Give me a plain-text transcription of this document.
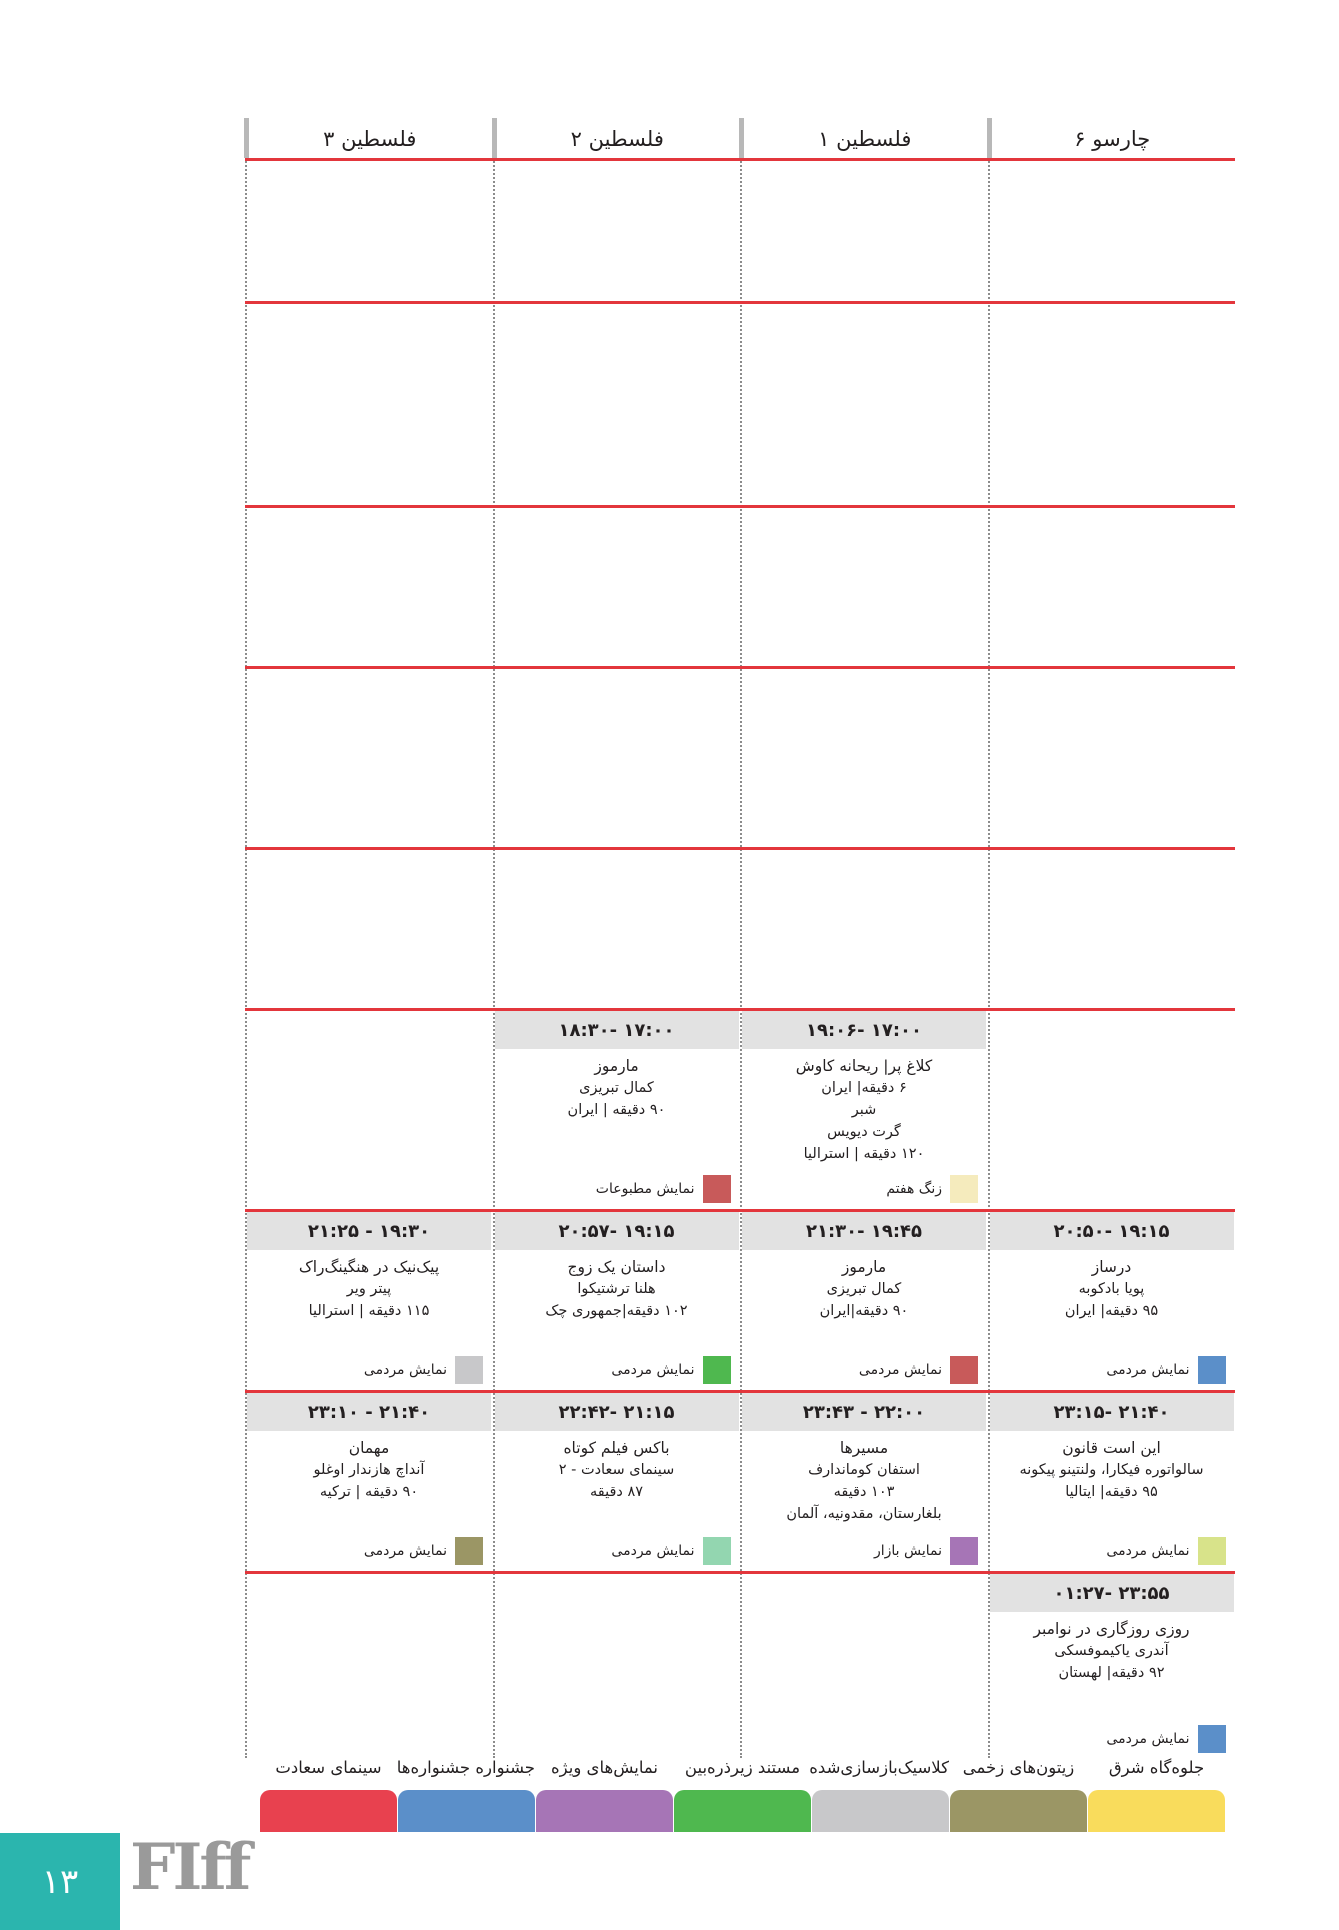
چارسو ۶
فلسطین ۱
فلسطین ۲
فلسطین ۳
۱۷:۰۰ -۱۸:۳۰
مارموز
کمال تبریزی
۹۰ دقیقه | ایران
نمایش مطبوعات
۱۷:۰۰ -۱۹:۰۶
کلاغ پر| ریحانه کاوش
۶ دقیقه| ایران
شبر
گرت دیویس
۱۲۰ دقیقه | استرالیا
زنگ هفتم
۱۹:۱۵ -۲۰:۵۰
درساز
پویا بادکوبه
۹۵ دقیقه| ایران
نمایش مردمی
۱۹:۴۵ -۲۱:۳۰
مارموز
کمال تبریزی
۹۰ دقیقه|ایران
نمایش مردمی
۱۹:۱۵ -۲۰:۵۷
داستان یک زوج
هلنا ترشتیکوا
۱۰۲ دقیقه|جمهوری چک
نمایش مردمی
۱۹:۳۰ - ۲۱:۲۵
پیک‌نیک در هنگینگ‌راک
پیتر ویر
۱۱۵ دقیقه | استرالیا
نمایش مردمی
۲۱:۴۰ -۲۳:۱۵
این است قانون
سالواتوره فیکارا، ولنتینو پیکونه
۹۵ دقیقه| ایتالیا
نمایش مردمی
۲۲:۰۰ - ۲۳:۴۳
مسیرها
استفان کوماندارف
۱۰۳ دقیقه
بلغارستان، مقدونیه، آلمان
نمایش بازار
۲۱:۱۵ -۲۲:۴۲
باکس فیلم کوتاه
سینمای سعادت - ۲
۸۷ دقیقه
نمایش مردمی
۲۱:۴۰ - ۲۳:۱۰
مهمان
آنداچ هازندار اوغلو
۹۰ دقیقه | ترکیه
نمایش مردمی
۲۳:۵۵ -۰۱:۲۷
روزی روزگاری در نوامبر
آندری یاکیموفسکی
۹۲ دقیقه| لهستان
نمایش مردمی
جلوه‌گاه شرق
زیتون‌های زخمی
کلاسیک‌بازسازی‌شده
مستند زیرذره‌بین
نمایش‌های ویژه
جشنواره جشنواره‌ها
سینمای سعادت
۱۳ FIff
